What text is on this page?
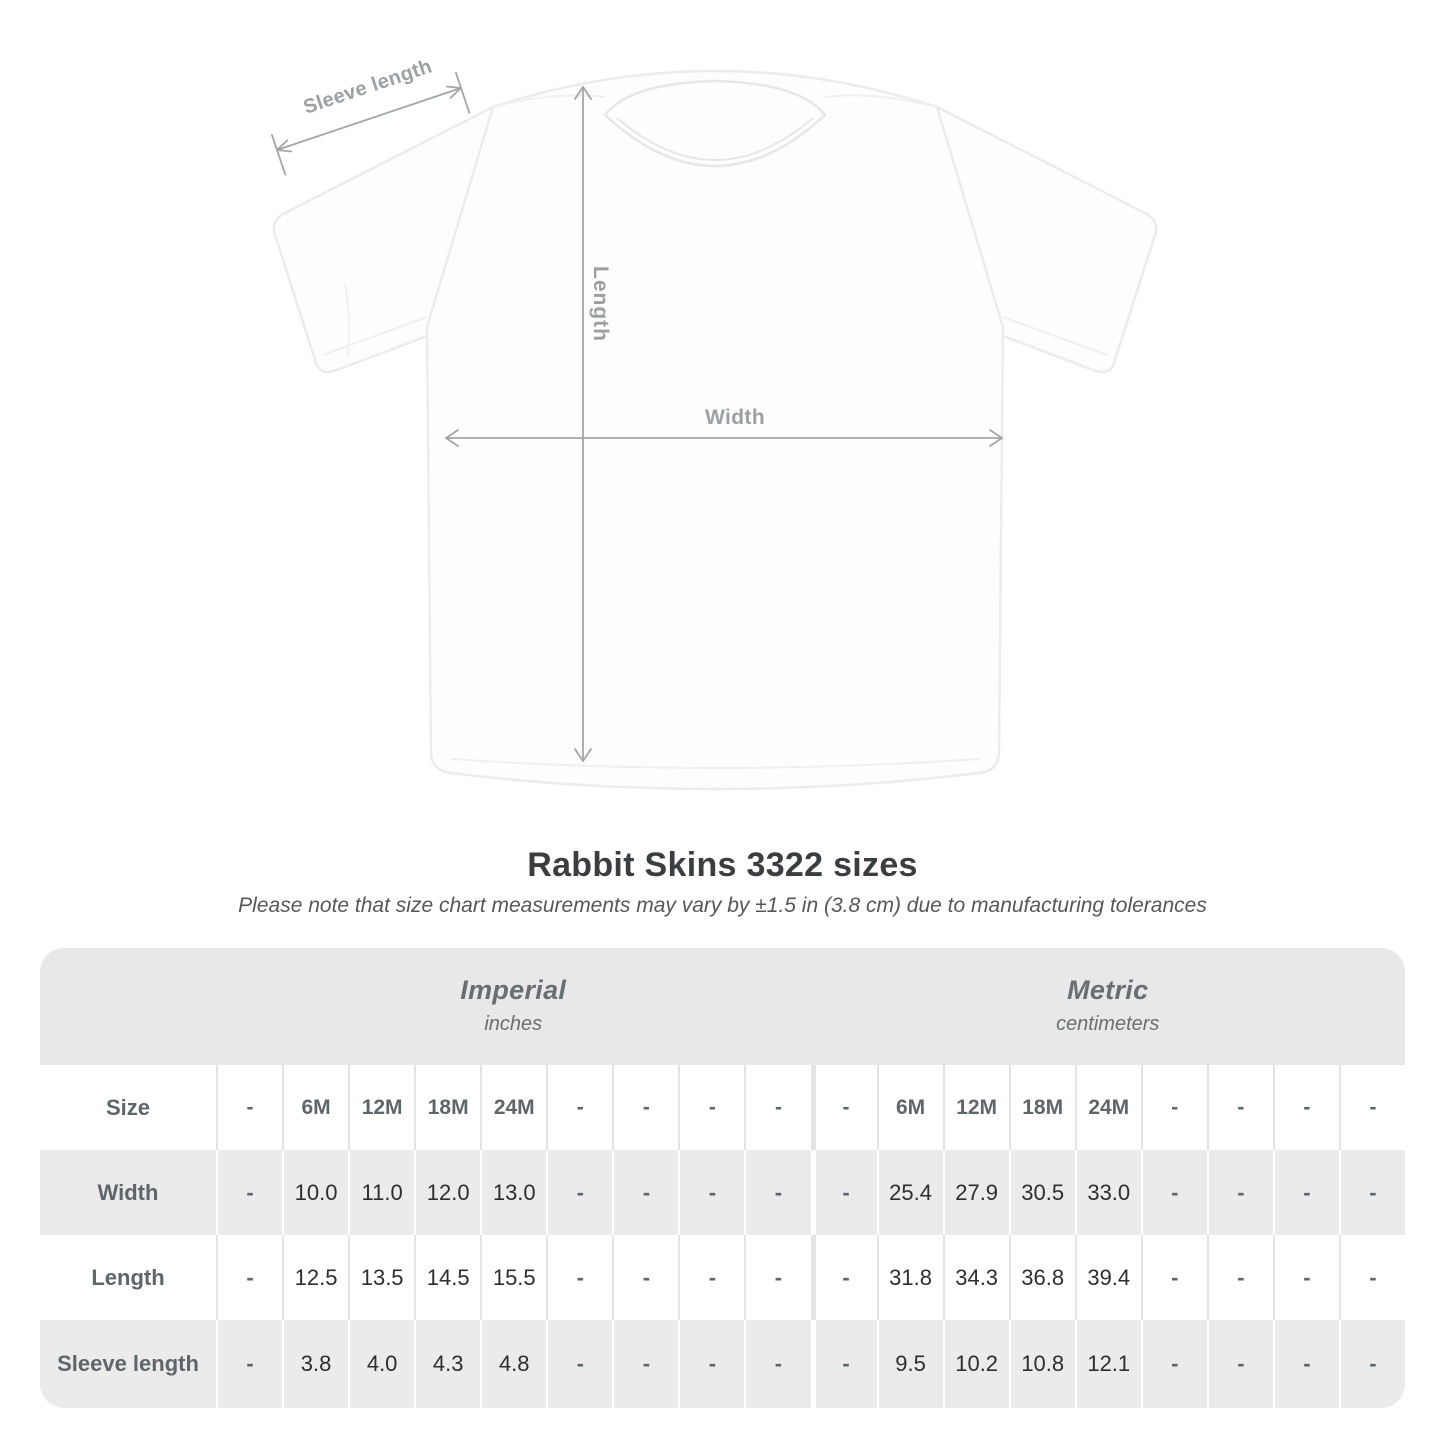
Sleeve length
Length
Width
Rabbit Skins 3322 sizes

Please note that size chart measurements may vary by ±1.5 in (3.8 cm) due to manufacturing tolerances

Imperial
inches
Metric
centimeters
Size	-	6M	12M	18M	24M	-	-	-	-	-	6M	12M	18M	24M	-	-	-	-
Width	-	10.0	11.0	12.0	13.0	-	-	-	-	-	25.4	27.9	30.5	33.0	-	-	-	-
Length	-	12.5	13.5	14.5	15.5	-	-	-	-	-	31.8	34.3	36.8	39.4	-	-	-	-
Sleeve length	-	3.8	4.0	4.3	4.8	-	-	-	-	-	9.5	10.2	10.8	12.1	-	-	-	-
